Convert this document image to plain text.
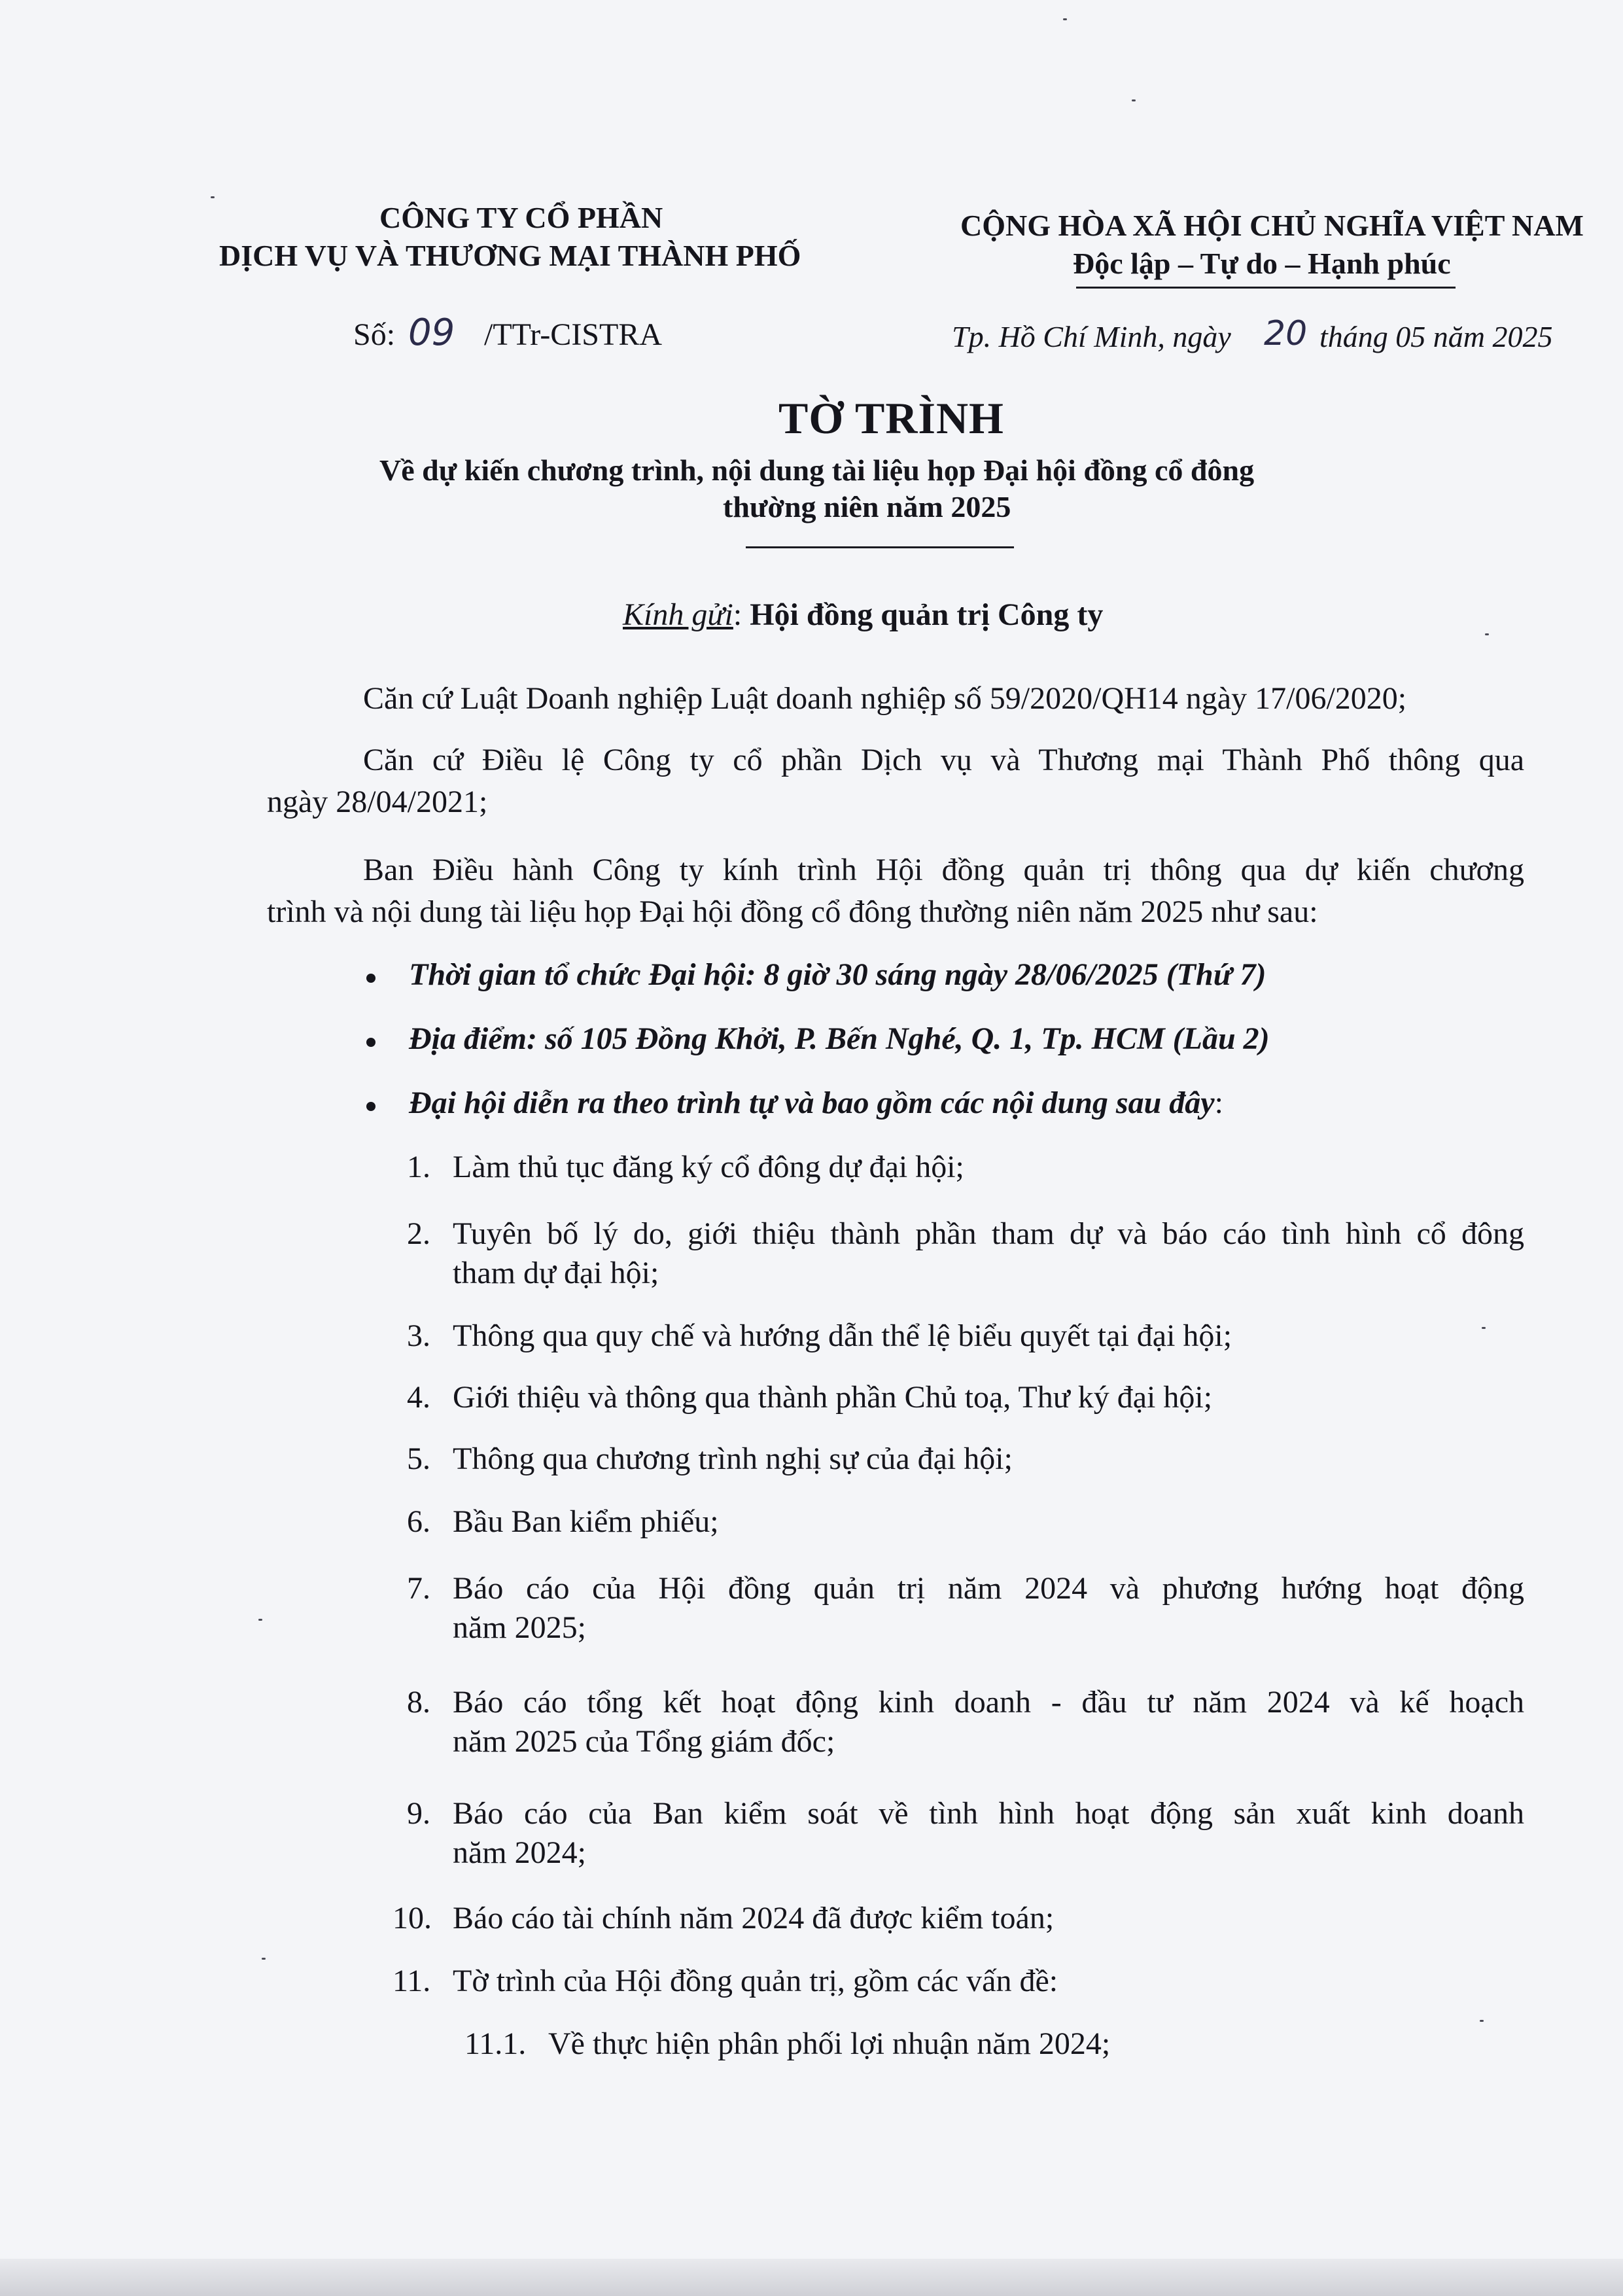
CÔNG TY CỔ PHẦN
DỊCH VỤ VÀ THƯƠNG MẠI THÀNH PHỐ
CỘNG HÒA XÃ HỘI CHỦ NGHĨA VIỆT NAM
Độc lập – Tự do – Hạnh phúc
Số: 09 /TTr-CISTRA	Tp. Hồ Chí Minh, ngày 20 tháng 05 năm 2025
TỜ TRÌNH
Về dự kiến chương trình, nội dung tài liệu họp Đại hội đồng cổ đông
thường niên năm 2025
Kính gửi: Hội đồng quản trị Công ty
Căn cứ Luật Doanh nghiệp Luật doanh nghiệp số 59/2020/QH14 ngày 17/06/2020;
Căn cứ Điều lệ Công ty cổ phần Dịch vụ và Thương mại Thành Phố thông qua
ngày 28/04/2021;
Ban Điều hành Công ty kính trình Hội đồng quản trị thông qua dự kiến chương
trình và nội dung tài liệu họp Đại hội đồng cổ đông thường niên năm 2025 như sau:
Thời gian tổ chức Đại hội: 8 giờ 30 sáng ngày 28/06/2025 (Thứ 7)
Địa điểm: số 105 Đồng Khởi, P. Bến Nghé, Q. 1, Tp. HCM (Lầu 2)
Đại hội diễn ra theo trình tự và bao gồm các nội dung sau đây:
1. Làm thủ tục đăng ký cổ đông dự đại hội;
2. Tuyên bố lý do, giới thiệu thành phần tham dự và báo cáo tình hình cổ đông
tham dự đại hội;
3. Thông qua quy chế và hướng dẫn thể lệ biểu quyết tại đại hội;
4. Giới thiệu và thông qua thành phần Chủ toạ, Thư ký đại hội;
5. Thông qua chương trình nghị sự của đại hội;
6. Bầu Ban kiểm phiếu;
7. Báo cáo của Hội đồng quản trị năm 2024 và phương hướng hoạt động
năm 2025;
8. Báo cáo tổng kết hoạt động kinh doanh - đầu tư năm 2024 và kế hoạch
năm 2025 của Tổng giám đốc;
9. Báo cáo của Ban kiểm soát về tình hình hoạt động sản xuất kinh doanh
năm 2024;
10. Báo cáo tài chính năm 2024 đã được kiểm toán;
11. Tờ trình của Hội đồng quản trị, gồm các vấn đề:
11.1. Về thực hiện phân phối lợi nhuận năm 2024;
